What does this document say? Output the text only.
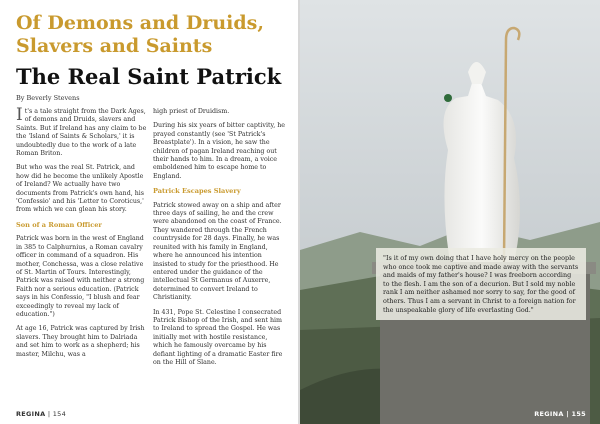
Of Demons and Druids,
Slavers and Saints
The Real Saint Patrick
By Beverly Stevens

It's a tale straight from the Dark Ages, of demons and Druids, slavers and Saints. But if Ireland has any claim to be the 'Island of Saints & Scholars,' it is undoubtedly due to the work of a late Roman Briton.

But who was the real St. Patrick, and how did he become the unlikely Apostle of Ireland? We actually have two documents from Patrick's own hand, his 'Confessio' and his 'Letter to Coroticus,' from which we can glean his story.

Son of a Roman Officer

Patrick was born in the west of England in 385 to Calphurnius, a Roman cavalry officer in command of a squadron. His mother, Conchessa, was a close relative of St. Martin of Tours. Interestingly, Patrick was raised with neither a strong Faith nor a serious education. (Patrick says in his Confessio, "I blush and fear exceedingly to reveal my lack of education.")

At age 16, Patrick was captured by Irish slavers. They brought him to Dalriada and set him to work as a shepherd; his master, Milchu, was a

high priest of Druidism.

During his six years of bitter captivity, he prayed constantly (see 'St Patrick's Breastplate'). In a vision, he saw the children of pagan Ireland reaching out their hands to him. In a dream, a voice emboldened him to escape home to England.

Patrick Escapes Slavery

Patrick stowed away on a ship and after three days of sailing, he and the crew were abandoned on the coast of France. They wandered through the French countryside for 28 days. Finally, he was reunited with his family in England, where he announced his intention insisted to study for the priesthood. He entered under the guidance of the intellectual St Germanus of Auxerre, determined to convert Ireland to Christianity.

In 431, Pope St. Celestine I consecrated Patrick Bishop of the Irish, and sent him to Ireland to spread the Gospel. He was initially met with hostile resistance, which he famously overcame by his defiant lighting of a dramatic Easter fire on the Hill of Slane.

REGINA | 154
"Is it of my own doing that I have holy mercy on the people who once took me captive and made away with the servants and maids of my father's house? I was freeborn according to the flesh. I am the son of a decurion. But I sold my noble rank I am neither ashamed nor sorry to say, for the good of others. Thus I am a servant in Christ to a foreign nation for the unspeakable glory of life everlasting God."
REGINA | 155
